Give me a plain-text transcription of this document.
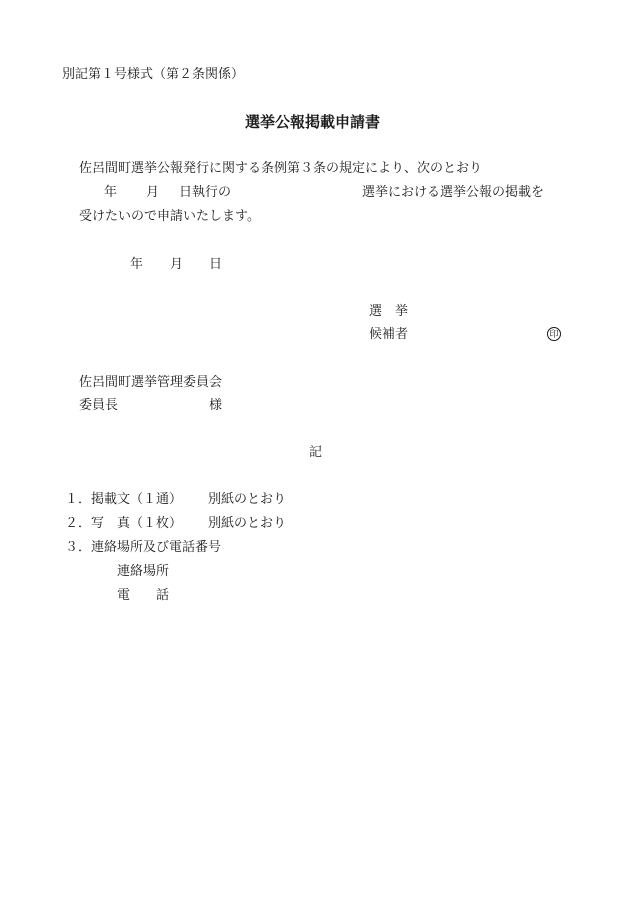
別記第１号様式（第２条関係）
選挙公報掲載申請書
佐呂間町選挙公報発行に関する条例第３条の規定により、次のとおり
年 月 日執行の	選挙における選挙公報の掲載を
受けたいので申請いたします。
年 月 日
選　挙
候補者	印
佐呂間町選挙管理委員会
委員長	様
記
１．掲載文（１通） 別紙のとおり
２．写　真（１枚） 別紙のとおり
３．連絡場所及び電話番号
連絡場所
電　　話
